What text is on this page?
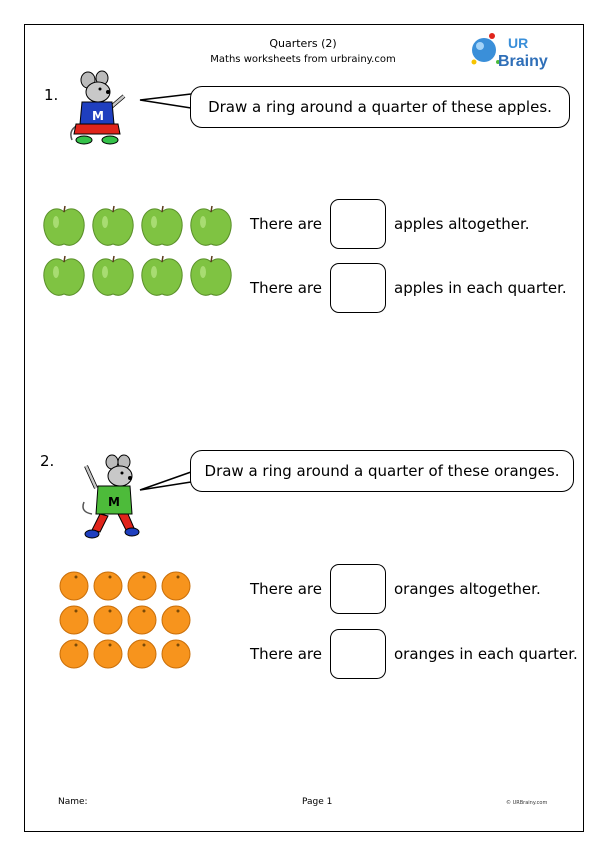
Quarters (2)
Maths worksheets from urbrainy.com
UR
Brainy
1.
M	Draw a ring around a quarter of these apples.
There are	apples altogether.
There are	apples in each quarter.
2.
M
Draw a ring around a quarter of these oranges.
There are	oranges altogether.
There are	oranges in each quarter.
Name:	Page 1	© URBrainy.com
